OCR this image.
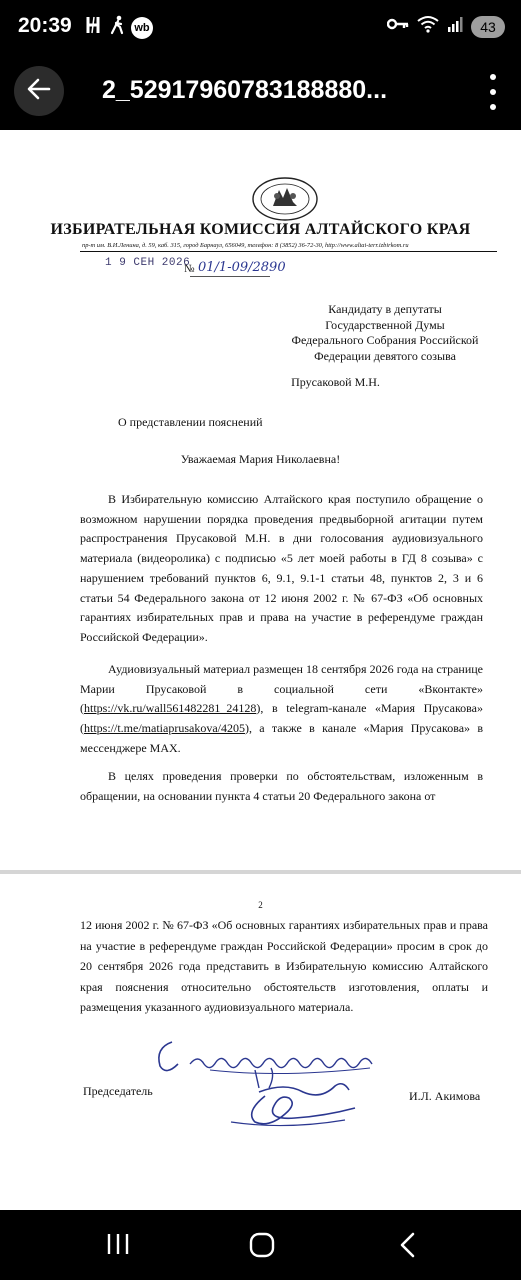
20:39	wb	43
2_52917960783188880...
ИЗБИРАТЕЛЬНАЯ КОМИССИЯ АЛТАЙСКОГО КРАЯ
пр-т им. В.И.Ленина, д. 59, каб. 315, город Барнаул, 656049, телефон: 8 (3852) 36-72-30, http://www.altai-terr.izbirkom.ru
1 9 СЕН 2026
№ 01/1-09/2890
Кандидату в депутаты
Государственной Думы
Федерального Собрания Российской
Федерации девятого созыва
Прусаковой М.Н.
О представлении пояснений
Уважаемая Мария Николаевна!

В Избирательную комиссию Алтайского края поступило обращение о возможном нарушении порядка проведения предвыборной агитации путем распространения Прусаковой М.Н. в дни голосования аудиовизуального материала (видеоролика) с подписью «5 лет моей работы в ГД 8 созыва» с нарушением требований пунктов 6, 9.1, 9.1-1 статьи 48, пунктов 2, 3 и 6 статьи 54 Федерального закона от 12 июня 2002 г. № 67-ФЗ «Об основных гарантиях избирательных прав и права на участие в референдуме граждан Российской Федерации».

Аудиовизуальный материал размещен 18 сентября 2026 года на странице Марии Прусаковой в социальной сети «Вконтакте» (https://vk.ru/wall561482281_24128), в telegram-канале «Мария Прусакова» (https://t.me/matiaprusakova/4205), а также в канале «Мария Прусакова» в мессенджере MAX.

В целях проведения проверки по обстоятельствам, изложенным в обращении, на основании пункта 4 статьи 20 Федерального закона от

2

12 июня 2002 г. № 67-ФЗ «Об основных гарантиях избирательных прав и права на участие в референдуме граждан Российской Федерации» просим в срок до 20 сентября 2026 года представить в Избирательную комиссию Алтайского края пояснения относительно обстоятельств изготовления, оплаты и размещения указанного аудиовизуального материала.

Председатель	И.Л. Акимова
